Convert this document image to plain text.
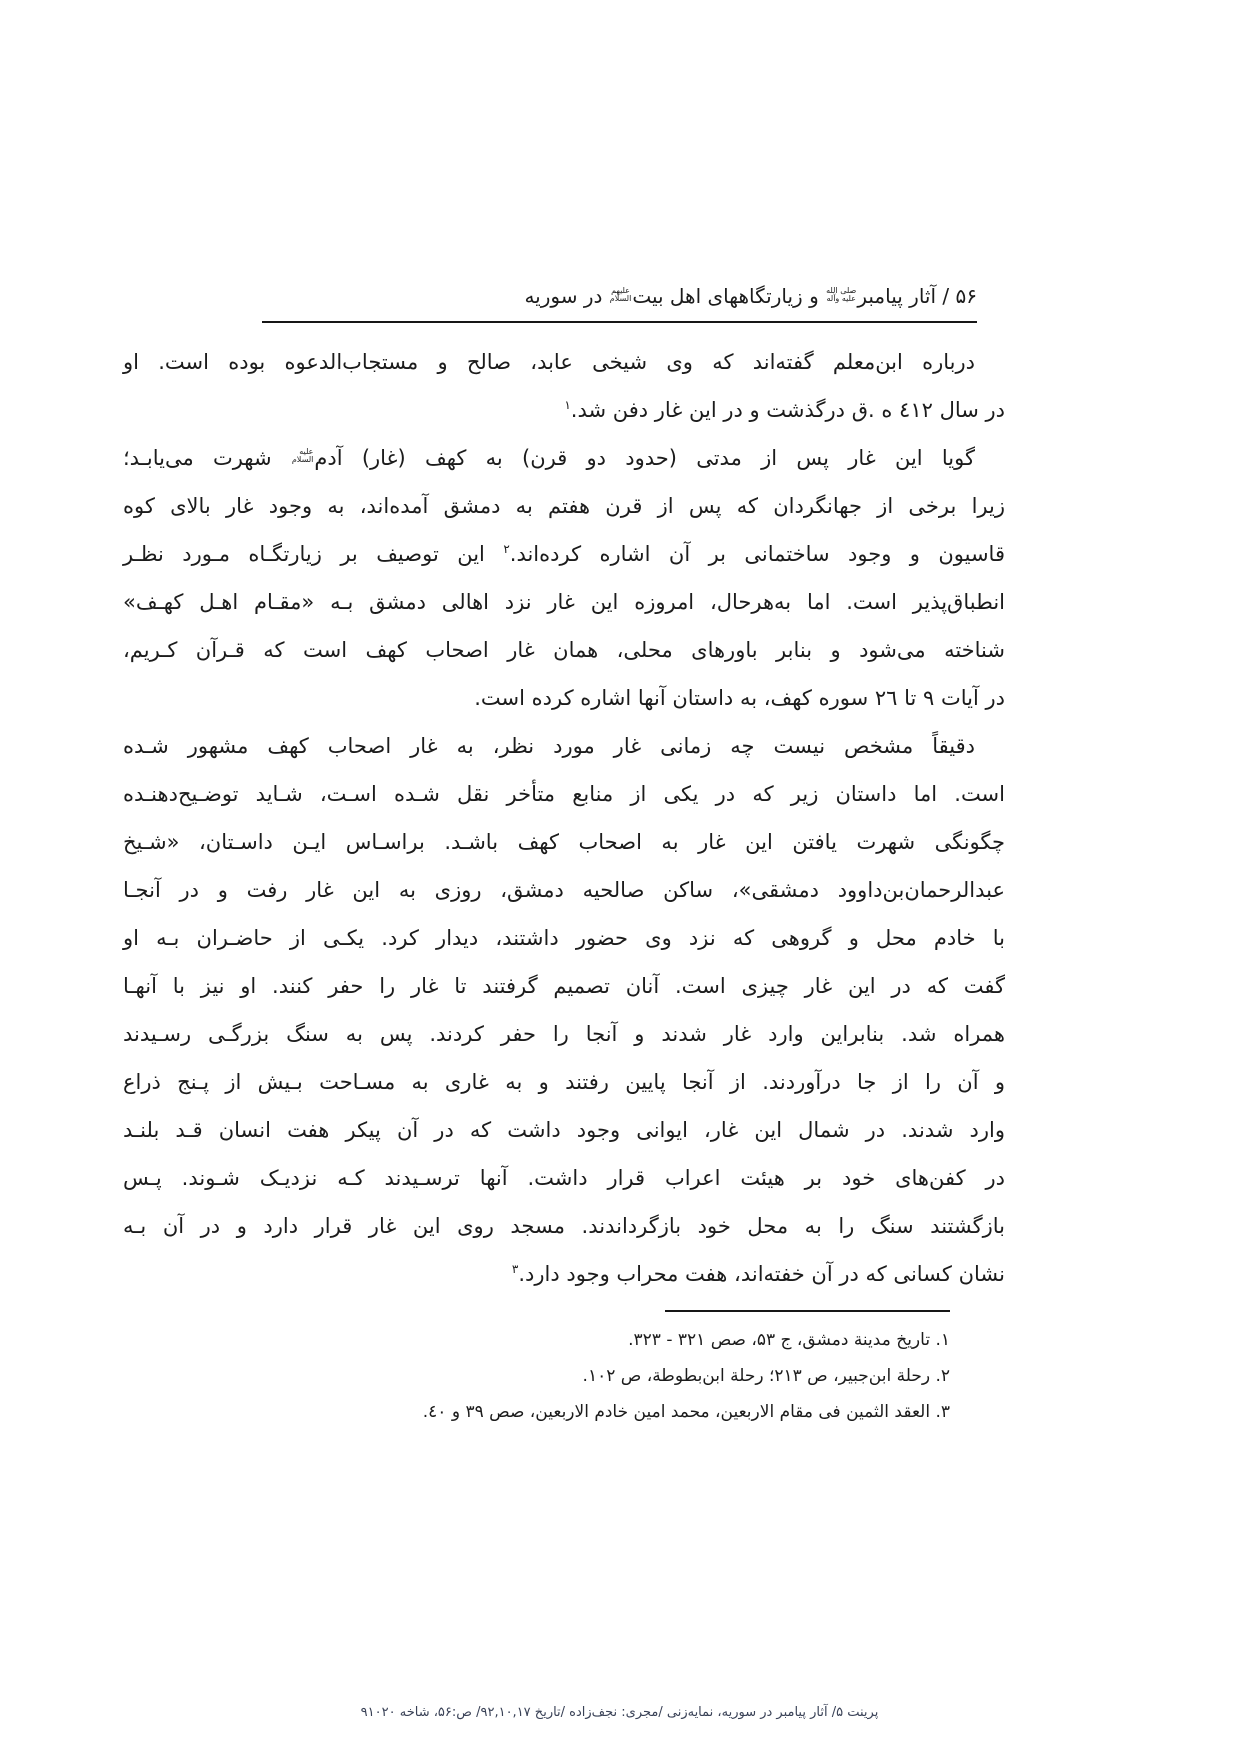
۵۶ / آثار پیامبر
صلى الله
عليه وآله
و زیارتگاههای اهل بیت
عليهم
السلام
در سوریه
درباره ابن‌معلم گفته‌اند که وی شیخی عابد، صالح و مستجاب‌الدعوه بوده است. او
در سال ٤١٢ ه .ق درگذشت و در این غار دفن شد.$^۱$
گویا این غار پس از مدتی (حدود دو قرن) به کهف (غار) آدم
عليه
السلام
شهرت می‌یابـد؛
زیرا برخی از جهانگردان که پس از قرن هفتم به دمشق آمده‌اند، به وجود غار بالای کوه
قاسیون و وجود ساختمانی بر آن اشاره کرده‌اند.$^۲$ این توصیف بر زیارتگـاه مـورد نظـر
انطباق‌پذیر است. اما به‌هرحال، امروزه این غار نزد اهالی دمشق بـه «مقـام اهـل کهـف»
شناخته می‌شود و بنابر باورهای محلی، همان غار اصحاب کهف است که قـرآن کـریم،
در آیات ٩ تا ٢٦ سوره کهف، به داستان آنها اشاره کرده است.
دقیقاً مشخص نیست چه زمانی غار مورد نظر، به غار اصحاب کهف مشهور شـده
است. اما داستان زیر که در یکی از منابع متأخر نقل شـده اسـت، شـاید توضـیح‌دهنـده
چگونگی شهرت یافتن این غار به اصحاب کهف باشـد. براسـاس ایـن داسـتان، «شـیخ
عبدالرحمان‌بن‌داوود دمشقی»، ساکن صالحیه دمشق، روزی به این غار رفت و در آنجـا
با خادم محل و گروهی که نزد وی حضور داشتند، دیدار کرد. یکـی از حاضـران بـه او
گفت که در این غار چیزی است. آنان تصمیم گرفتند تا غار را حفر کنند. او نیز با آنهـا
همراه شد. بنابراین وارد غار شدند و آنجا را حفر کردند. پس به سنگ بزرگـی رسـیدند
و آن را از جا درآوردند. از آنجا پایین رفتند و به غاری به مسـاحت بـیش از پـنج ذراع
وارد شدند. در شمال این غار، ایوانی وجود داشت که در آن پیکر هفت انسان قـد بلنـد
در کفن‌های خود بر هیئت اعراب قرار داشت. آنها ترسـیدند کـه نزدیـک شـوند. پـس
بازگشتند سنگ را به محل خود بازگرداندند. مسجد روی این غار قرار دارد و در آن بـه
نشان کسانی که در آن خفته‌اند، هفت محراب وجود دارد.$^۳$
۱. تاریخ مدینة دمشق، ج ۵۳، صص ۳۲۱ - ۳۲۳.
۲. رحلة ابن‌جبیر، ص ۲۱۳؛ رحلة ابن‌بطوطة، ص ۱۰۲.
۳. العقد الثمین فی مقام الاربعین، محمد امین خادم الاربعین، صص ۳۹ و ٤۰.
پرینت ۵/ آثار پیامبر در سوریه، نمایه‌زنی /مجری: نجف‌زاده /تاریخ ۹۲,۱۰,۱۷/ ص:۵۶، شاخه ۹۱۰۲۰
